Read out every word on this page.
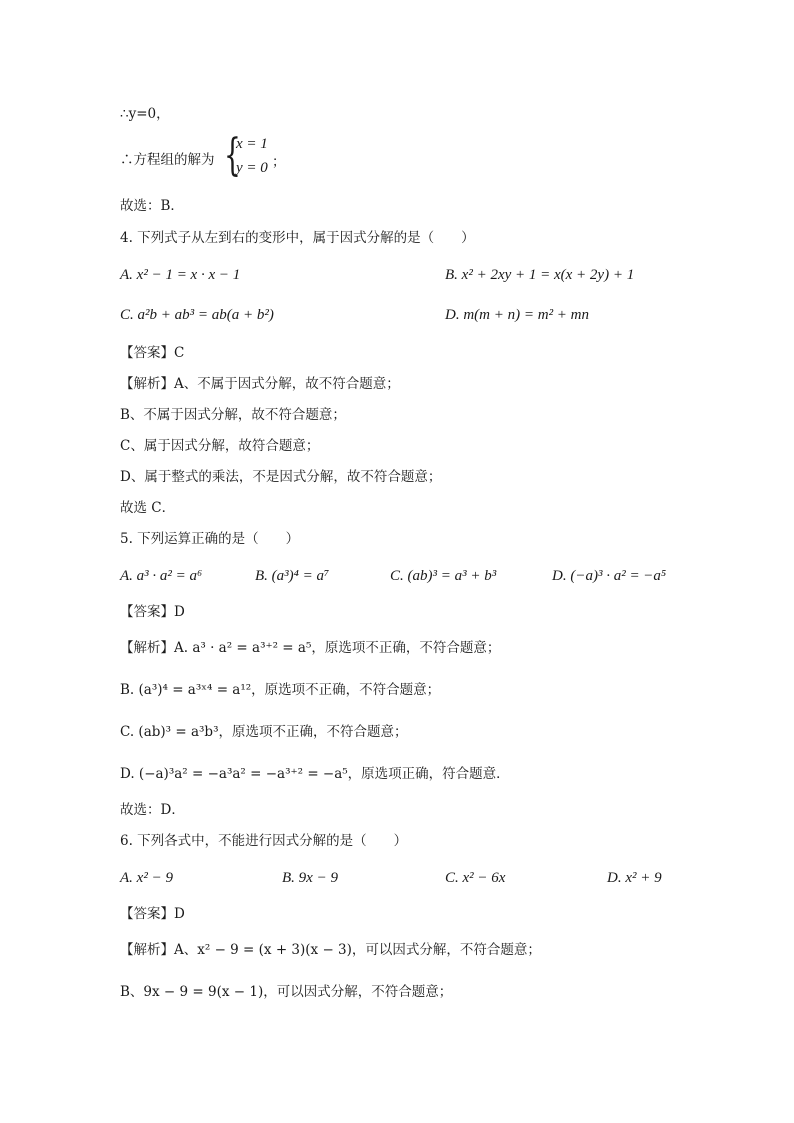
∴y=0，
∴方程组的解为 {
x = 1
y = 0 ；
故选：B．
4. 下列式子从左到右的变形中，属于因式分解的是（　　）
A. x² − 1 = x · x − 1	B. x² + 2xy + 1 = x(x + 2y) + 1
C. a²b + ab³ = ab(a + b²)	D. m(m + n) = m² + mn
【答案】C
【解析】A、不属于因式分解，故不符合题意；
B、不属于因式分解，故不符合题意；
C、属于因式分解，故符合题意；
D、属于整式的乘法，不是因式分解，故不符合题意；
故选 C．
5. 下列运算正确的是（　　）
A. a³ · a² = a⁶	B. (a³)⁴ = a⁷	C. (ab)³ = a³ + b³	D. (−a)³ · a² = −a⁵
【答案】D
【解析】A. a³ · a² = a³⁺² = a⁵，原选项不正确，不符合题意；
B. (a³)⁴ = a³ˣ⁴ = a¹²，原选项不正确，不符合题意；
C. (ab)³ = a³b³，原选项不正确，不符合题意；
D. (−a)³a² = −a³a² = −a³⁺² = −a⁵，原选项正确，符合题意．
故选：D．
6. 下列各式中，不能进行因式分解的是（　　）
A. x² − 9	B. 9x − 9	C. x² − 6x	D. x² + 9
【答案】D
【解析】A、x² − 9 = (x + 3)(x − 3)，可以因式分解，不符合题意；
B、9x − 9 = 9(x − 1)，可以因式分解，不符合题意；
